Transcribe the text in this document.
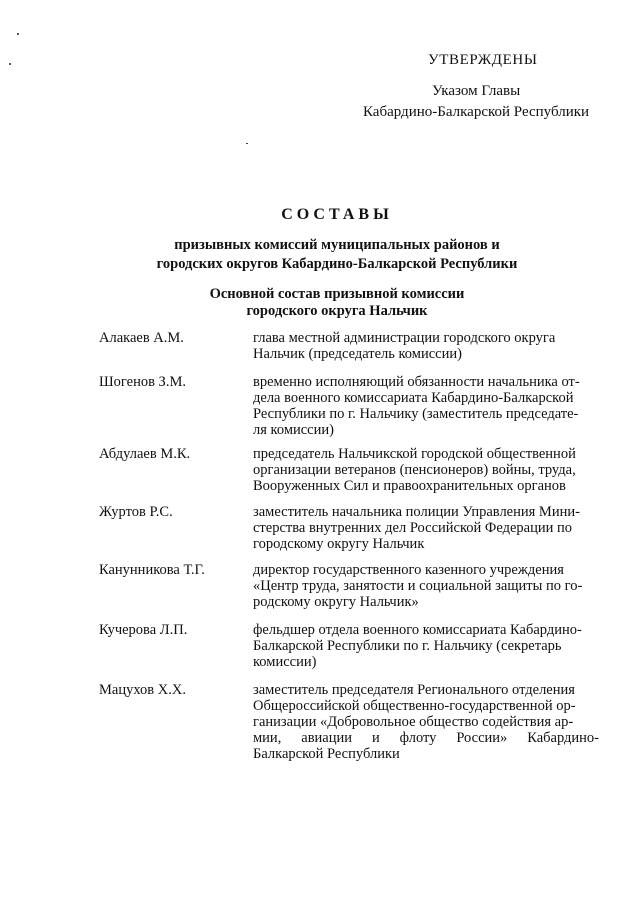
УТВЕРЖДЕНЫ
Указом Главы
Кабардино-Балкарской Республики
СОСТАВЫ
призывных комиссий муниципальных районов и
городских округов Кабардино-Балкарской Республики
Основной состав призывной комиссии
городского округа Нальчик
Алакаев А.М.	глава местной администрации городского округа
Нальчик (председатель комиссии)
Шогенов З.М.	временно исполняющий обязанности начальника от-
дела военного комиссариата Кабардино-Балкарской
Республики по г. Нальчику (заместитель председате-
ля комиссии)
Абдулаев М.К.	председатель Нальчикской городской общественной
организации ветеранов (пенсионеров) войны, труда,
Вооруженных Сил и правоохранительных органов
Журтов Р.С.	заместитель начальника полиции Управления Мини-
стерства внутренних дел Российской Федерации по
городскому округу Нальчик
Канунникова Т.Г.	директор государственного казенного учреждения
«Центр труда, занятости и социальной защиты по го-
родскому округу Нальчик»
Кучерова Л.П.	фельдшер отдела военного комиссариата Кабардино-
Балкарской Республики по г. Нальчику (секретарь
комиссии)
Мацухов Х.Х.	заместитель председателя Регионального отделения
Общероссийской общественно-государственной ор-
ганизации «Добровольное общество содействия ар-
мии, авиации и флоту России» Кабардино-
Балкарской Республики
